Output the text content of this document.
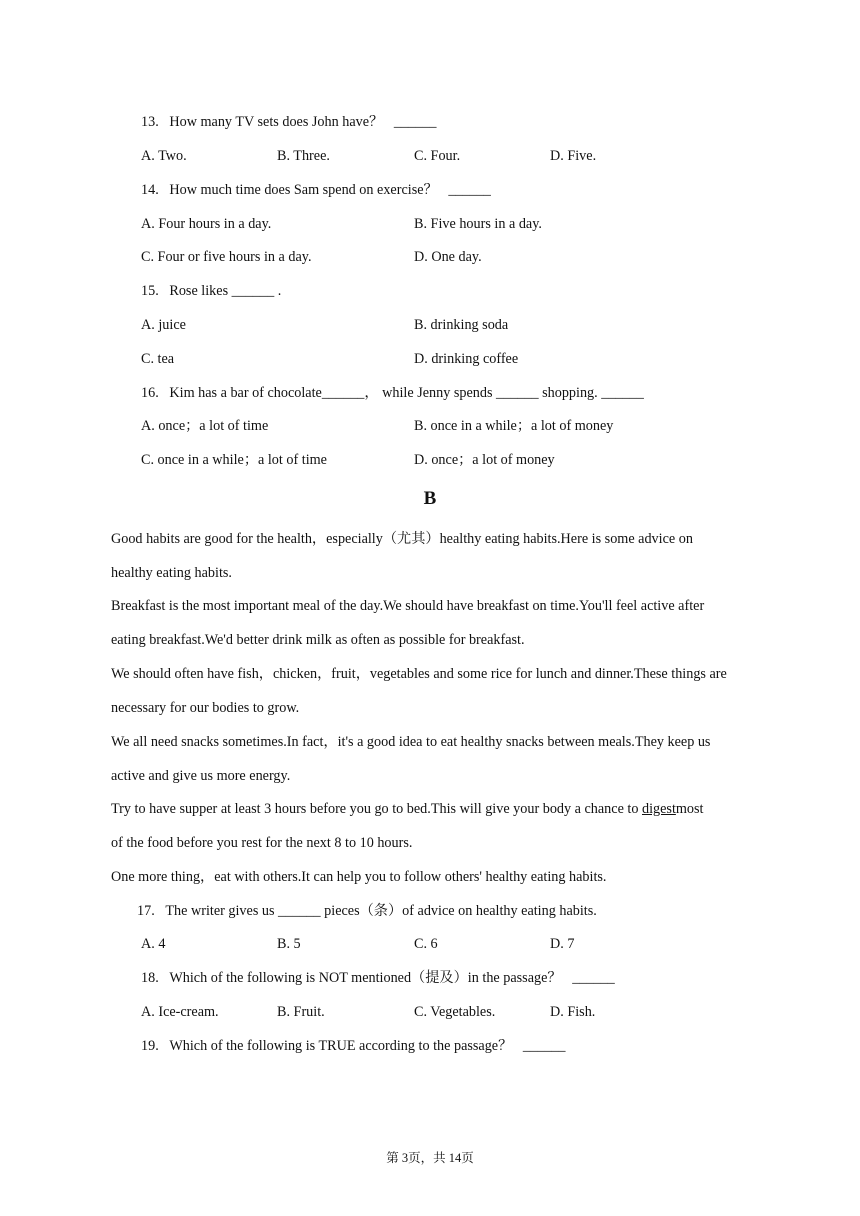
13.   How many TV sets does John have？   ______
A. Two.	B. Three.	C. Four.	D. Five.
14.   How much time does Sam spend on exercise？   ______
A. Four hours in a day.	B. Five hours in a day.
C. Four or five hours in a day.	D. One day.
15.   Rose likes ______ .
A. juice	B. drinking soda
C. tea	D. drinking coffee
16.   Kim has a bar of chocolate______， while Jenny spends ______ shopping. ______
A. once；a lot of time	B. once in a while；a lot of money
C. once in a while；a lot of time	D. once；a lot of money
B
Good habits are good for the health，especially（尤其）healthy eating habits.Here is some advice on
healthy eating habits.
Breakfast is the most important meal of the day.We should have breakfast on time.You'll feel active after
eating breakfast.We'd better drink milk as often as possible for breakfast.
We should often have fish，chicken，fruit，vegetables and some rice for lunch and dinner.These things are
necessary for our bodies to grow.
We all need snacks sometimes.In fact，it's a good idea to eat healthy snacks between meals.They keep us
active and give us more energy.
Try to have supper at least 3 hours before you go to bed.This will give your body a chance to digestmost
of the food before you rest for the next 8 to 10 hours.
One more thing，eat with others.It can help you to follow others' healthy eating habits.
17.   The writer gives us ______ pieces（条）of advice on healthy eating habits.
A. 4	B. 5	C. 6	D. 7
18.   Which of the following is NOT mentioned（提及）in the passage？   ______
A. Ice-cream.	B. Fruit.	C. Vegetables.	D. Fish.
19.   Which of the following is TRUE according to the passage？   ______
第 3页，共 14页
